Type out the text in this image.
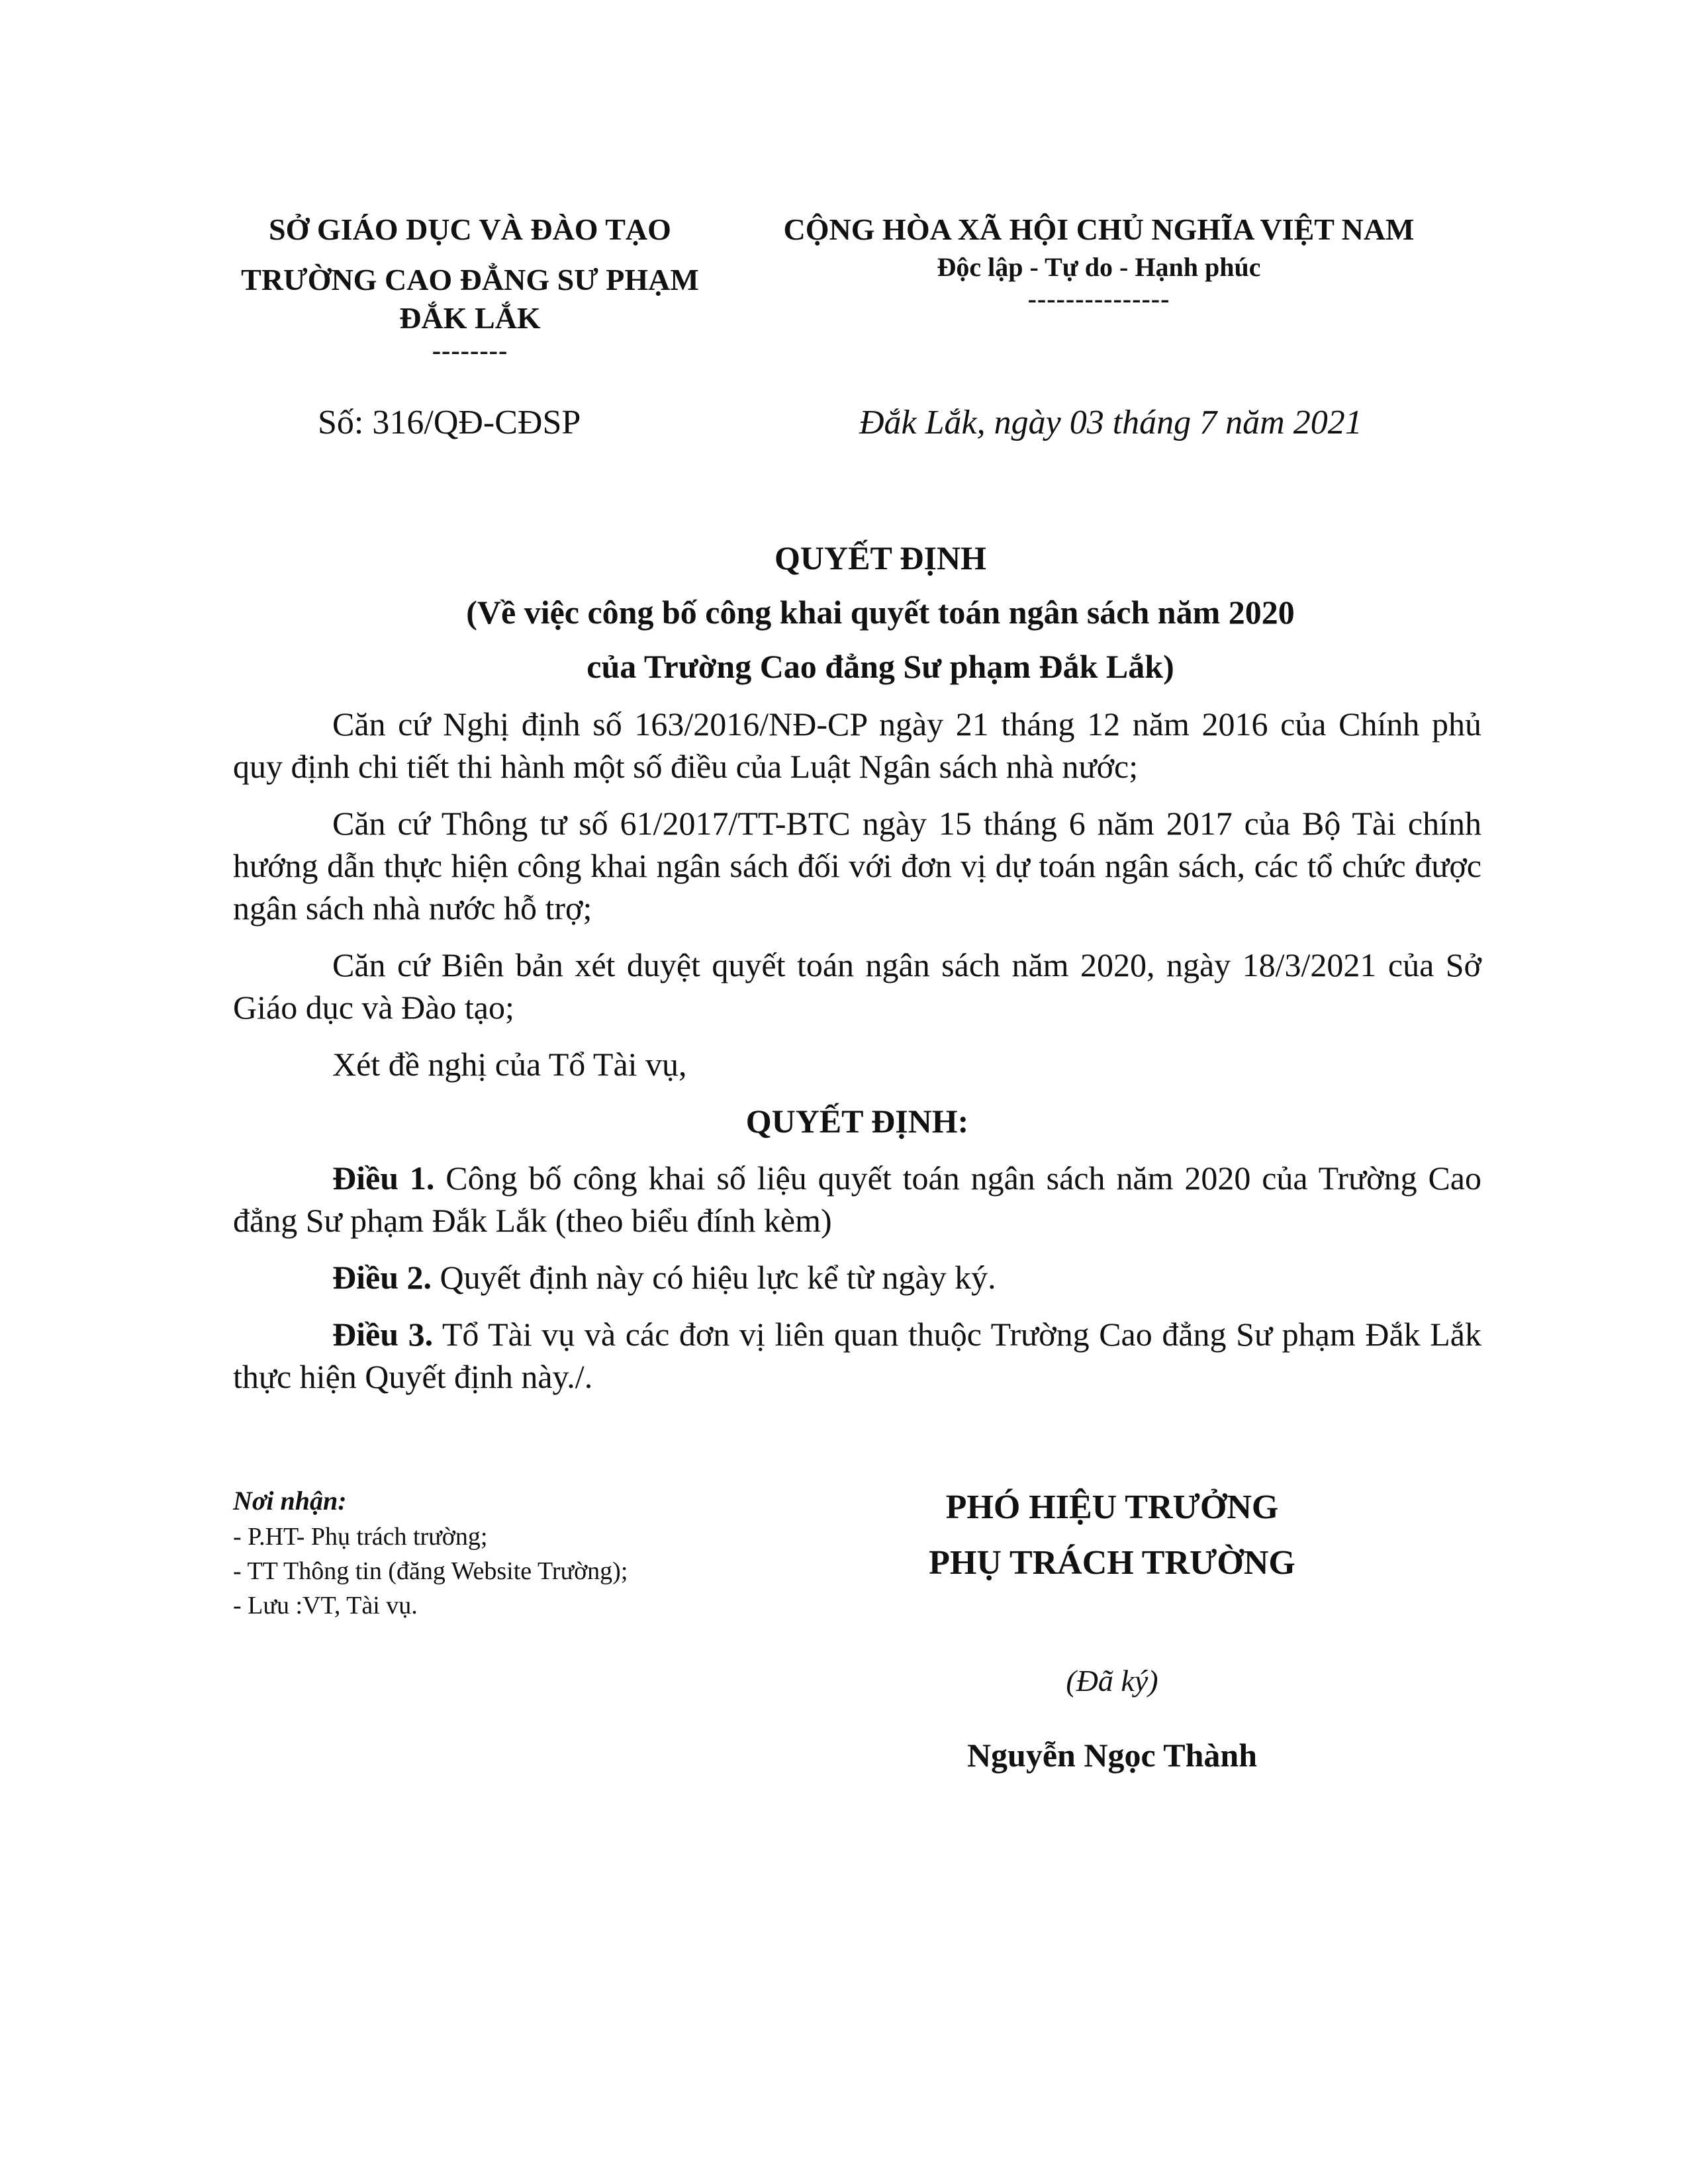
SỞ GIÁO DỤC VÀ ĐÀO TẠO
TRƯỜNG CAO ĐẲNG SƯ PHẠM
ĐẮK LẮK
--------
CỘNG HÒA XÃ HỘI CHỦ NGHĨA VIỆT NAM
Độc lập - Tự do - Hạnh phúc
---------------
Số: 316/QĐ-CĐSP	Đắk Lắk, ngày 03 tháng 7 năm 2021
QUYẾT ĐỊNH
(Về việc công bố công khai quyết toán ngân sách năm 2020
của Trường Cao đẳng Sư phạm Đắk Lắk)

Căn cứ Nghị định số 163/2016/NĐ-CP ngày 21 tháng 12 năm 2016 của Chính phủ quy định chi tiết thi hành một số điều của Luật Ngân sách nhà nước;

Căn cứ Thông tư số 61/2017/TT-BTC ngày 15 tháng 6 năm 2017 của Bộ Tài chính hướng dẫn thực hiện công khai ngân sách đối với đơn vị dự toán ngân sách, các tổ chức được ngân sách nhà nước hỗ trợ;

Căn cứ Biên bản xét duyệt quyết toán ngân sách năm 2020, ngày 18/3/2021 của Sở Giáo dục và Đào tạo;

Xét đề nghị của Tổ Tài vụ,

QUYẾT ĐỊNH:

Điều 1. Công bố công khai số liệu quyết toán ngân sách năm 2020 của Trường Cao đẳng Sư phạm Đắk Lắk (theo biểu đính kèm)

Điều 2. Quyết định này có hiệu lực kể từ ngày ký.

Điều 3. Tổ Tài vụ và các đơn vị liên quan thuộc Trường Cao đẳng Sư phạm Đắk Lắk thực hiện Quyết định này./.

Nơi nhận:
- P.HT- Phụ trách trường;
- TT Thông tin (đăng Website Trường);
- Lưu :VT, Tài vụ.
PHÓ HIỆU TRƯỞNG
PHỤ TRÁCH TRƯỜNG
(Đã ký)
Nguyễn Ngọc Thành
